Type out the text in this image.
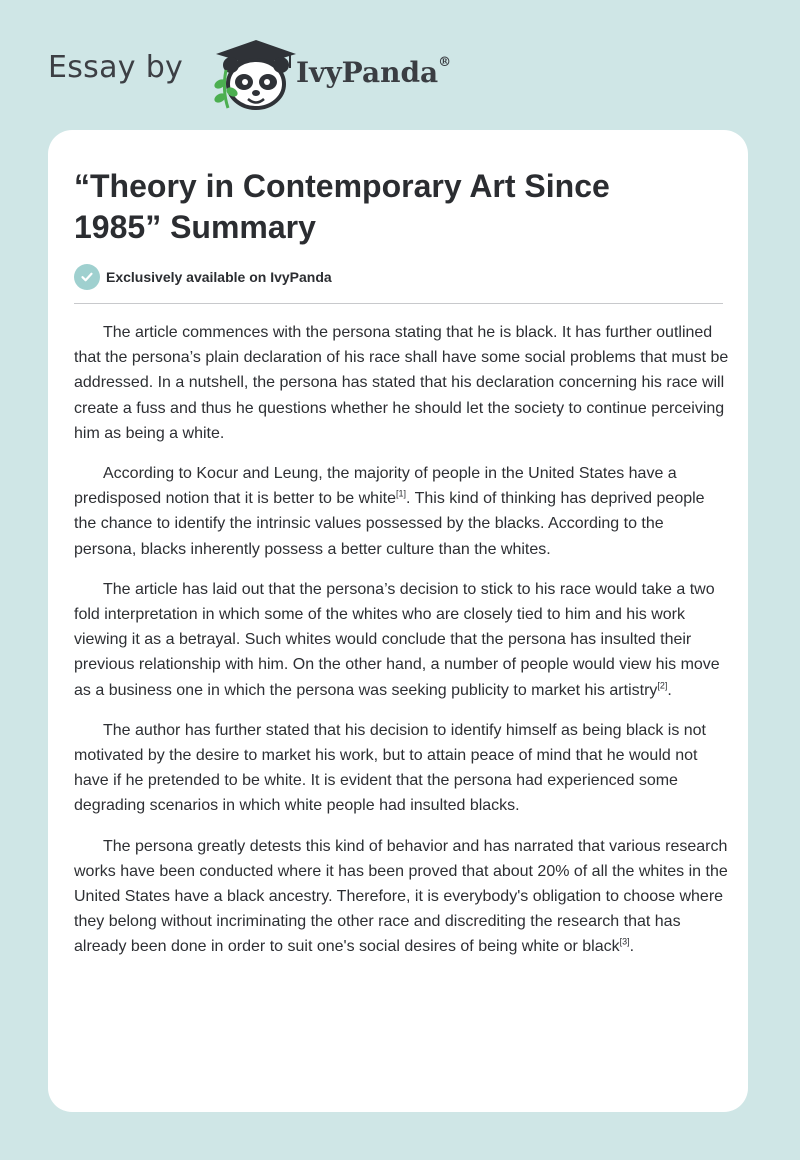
Essay by	IvyPanda®
“Theory in Contemporary Art Since
1985” Summary
Exclusively available on IvyPanda

The article commences with the persona stating that he is black. It has further outlined that the persona’s plain declaration of his race shall have some social problems that must be addressed. In a nutshell, the persona has stated that his declaration concerning his race will create a fuss and thus he questions whether he should let the society to continue perceiving him as being a white.

According to Kocur and Leung, the majority of people in the United States have a predisposed notion that it is better to be white[1]. This kind of thinking has deprived people the chance to identify the intrinsic values possessed by the blacks. According to the persona, blacks inherently possess a better culture than the whites.

The article has laid out that the persona’s decision to stick to his race would take a two fold interpretation in which some of the whites who are closely tied to him and his work viewing it as a betrayal. Such whites would conclude that the persona has insulted their previous relationship with him. On the other hand, a number of people would view his move as a business one in which the persona was seeking publicity to market his artistry[2].

The author has further stated that his decision to identify himself as being black is not motivated by the desire to market his work, but to attain peace of mind that he would not have if he pretended to be white. It is evident that the persona had experienced some degrading scenarios in which white people had insulted blacks.

The persona greatly detests this kind of behavior and has narrated that various research works have been conducted where it has been proved that about 20% of all the whites in the United States have a black ancestry. Therefore, it is everybody's obligation to choose where they belong without incriminating the other race and discrediting the research that has already been done in order to suit one's social desires of being white or black[3].
